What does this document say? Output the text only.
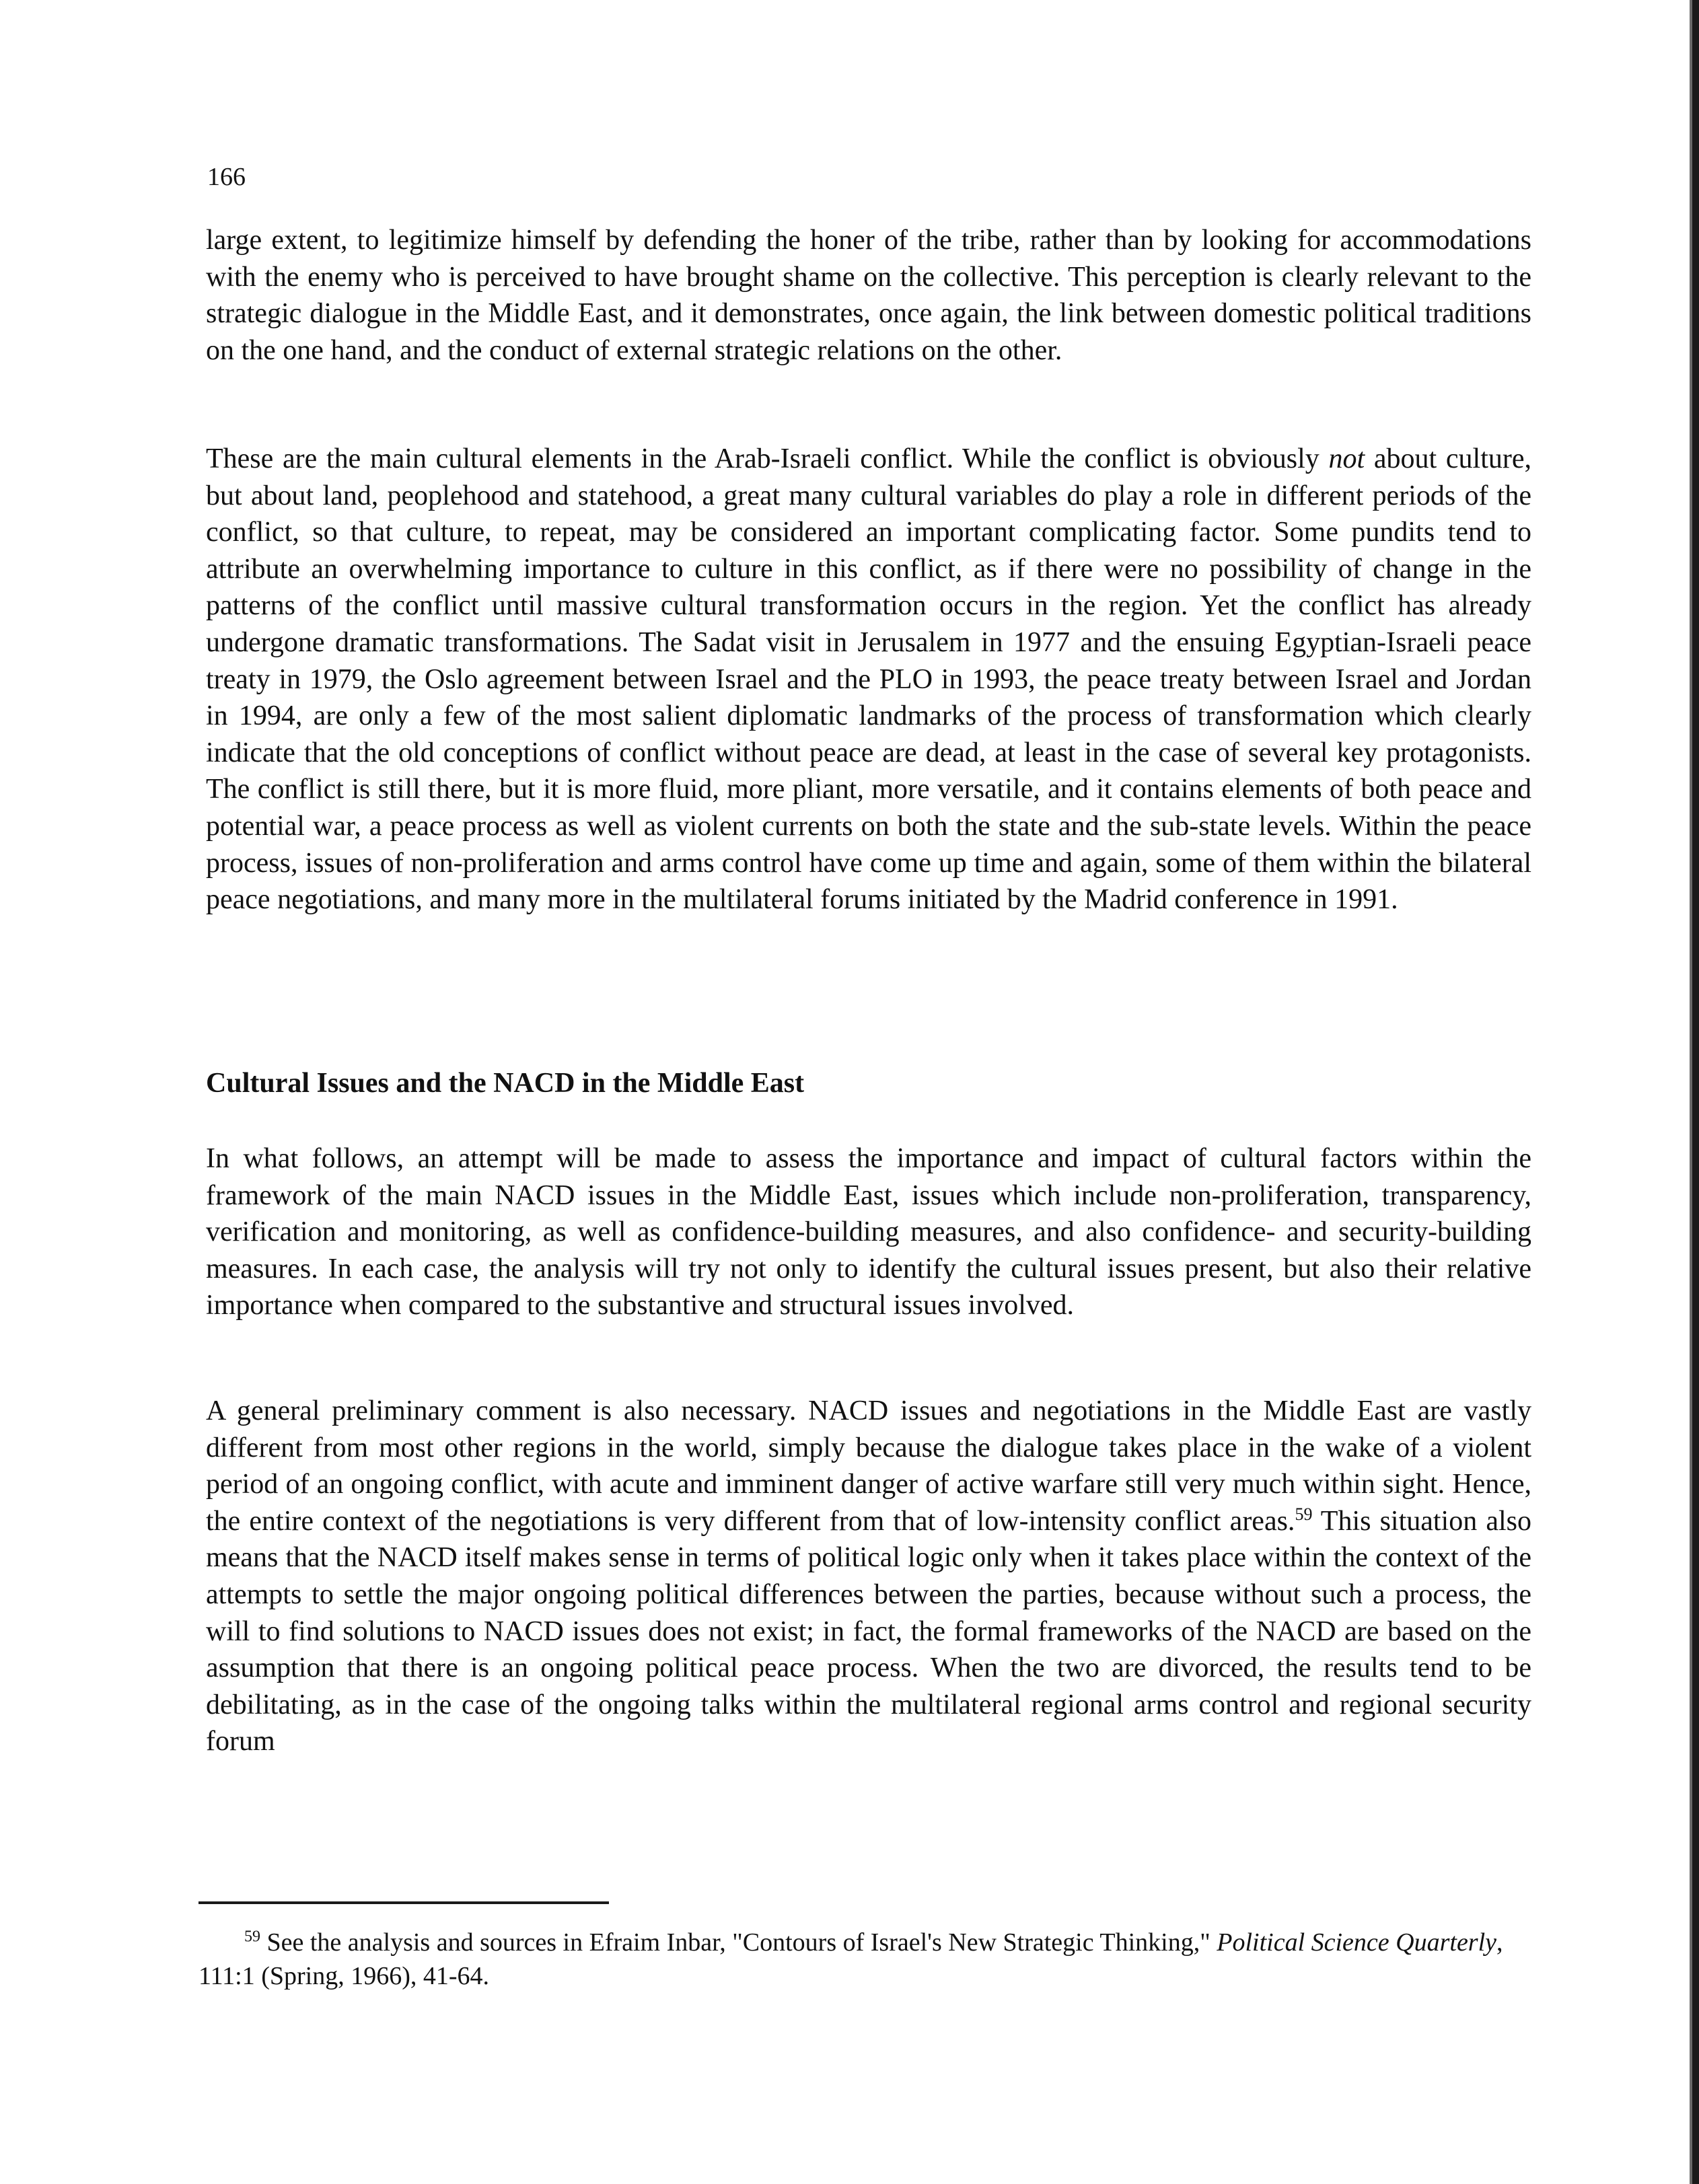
166

large extent, to legitimize himself by defending the honer of the tribe, rather than by looking for accommodations with the enemy who is perceived to have brought shame on the collective. This perception is clearly relevant to the strategic dialogue in the Middle East, and it demonstrates, once again, the link between domestic political traditions on the one hand, and the conduct of external strategic relations on the other.

These are the main cultural elements in the Arab-Israeli conflict. While the conflict is obviously not about culture, but about land, peoplehood and statehood, a great many cultural variables do play a role in different periods of the conflict, so that culture, to repeat, may be considered an important complicating factor. Some pundits tend to attribute an overwhelming importance to culture in this conflict, as if there were no possibility of change in the patterns of the conflict until massive cultural transformation occurs in the region. Yet the conflict has already undergone dramatic transformations. The Sadat visit in Jerusalem in 1977 and the ensuing Egyptian-Israeli peace treaty in 1979, the Oslo agreement between Israel and the PLO in 1993, the peace treaty between Israel and Jordan in 1994, are only a few of the most salient diplomatic landmarks of the process of transformation which clearly indicate that the old conceptions of conflict without peace are dead, at least in the case of several key protagonists. The conflict is still there, but it is more fluid, more pliant, more versatile, and it contains elements of both peace and potential war, a peace process as well as violent currents on both the state and the sub-state levels. Within the peace process, issues of non-proliferation and arms control have come up time and again, some of them within the bilateral peace negotiations, and many more in the multilateral forums initiated by the Madrid conference in 1991.

Cultural Issues and the NACD in the Middle East

In what follows, an attempt will be made to assess the importance and impact of cultural factors within the framework of the main NACD issues in the Middle East, issues which include non-proliferation, transparency, verification and monitoring, as well as confidence-building measures, and also confidence- and security-building measures. In each case, the analysis will try not only to identify the cultural issues present, but also their relative importance when compared to the substantive and structural issues involved.

A general preliminary comment is also necessary. NACD issues and negotiations in the Middle East are vastly different from most other regions in the world, simply because the dialogue takes place in the wake of a violent period of an ongoing conflict, with acute and imminent danger of active warfare still very much within sight. Hence, the entire context of the negotiations is very different from that of low-intensity conflict areas.$^{59}$ This situation also means that the NACD itself makes sense in terms of political logic only when it takes place within the context of the attempts to settle the major ongoing political differences between the parties, because without such a process, the will to find solutions to NACD issues does not exist; in fact, the formal frameworks of the NACD are based on the assumption that there is an ongoing political peace process. When the two are divorced, the results tend to be debilitating, as in the case of the ongoing talks within the multilateral regional arms control and regional security forum

$^{59}$ See the analysis and sources in Efraim Inbar, "Contours of Israel's New Strategic Thinking," Political Science Quarterly, 111:1 (Spring, 1966), 41-64.
